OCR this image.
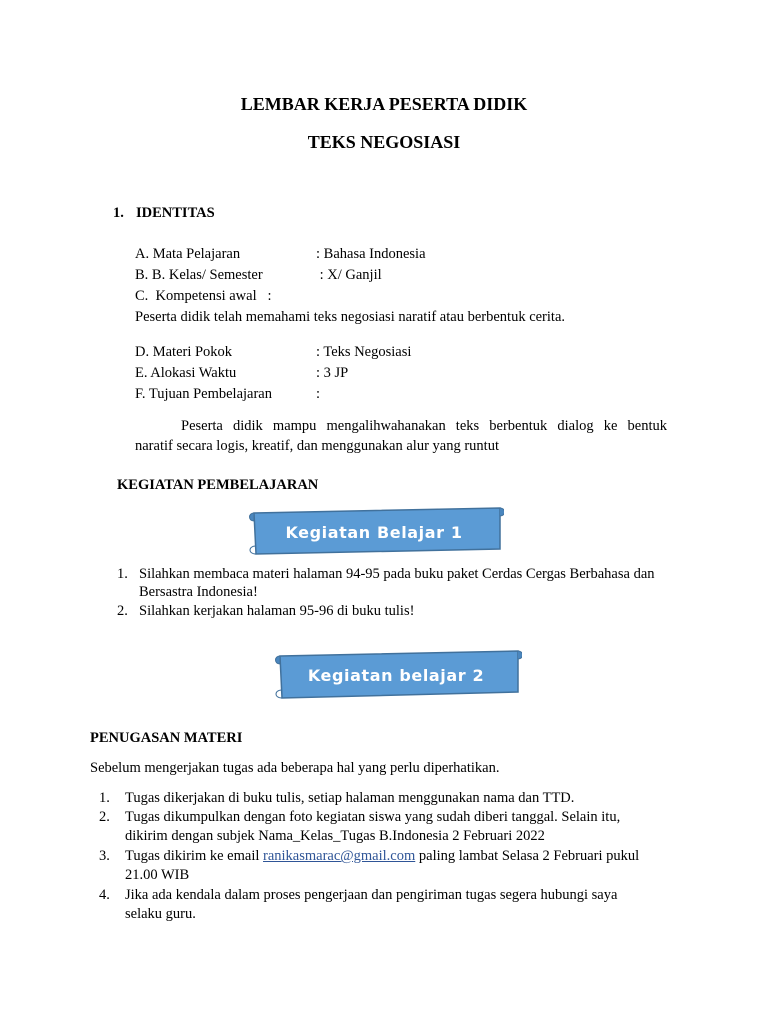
LEMBAR KERJA PESERTA DIDIK
TEKS NEGOSIASI
1. IDENTITAS
A. Mata Pelajaran	: Bahasa Indonesia
B. B. Kelas/ Semester	: X/ Ganjil
C.  Kompetensi awal   :
Peserta didik telah memahami teks negosiasi naratif atau berbentuk cerita.
D. Materi Pokok	: Teks Negosiasi
E. Alokasi Waktu	: 3 JP
F. Tujuan Pembelajaran	:
Peserta didik mampu mengalihwahanakan teks berbentuk dialog ke bentuk
naratif secara logis, kreatif, dan menggunakan alur yang runtut
KEGIATAN PEMBELAJARAN
Kegiatan Belajar 1
1. Silahkan membaca materi halaman 94-95 pada buku paket Cerdas Cergas Berbahasa dan
Bersastra Indonesia!
2. Silahkan kerjakan halaman 95-96 di buku tulis!
Kegiatan belajar 2
PENUGASAN MATERI
Sebelum mengerjakan tugas ada beberapa hal yang perlu diperhatikan.
1. Tugas dikerjakan di buku tulis, setiap halaman menggunakan nama dan TTD.
2. Tugas dikumpulkan dengan foto kegiatan siswa yang sudah diberi tanggal. Selain itu,
dikirim dengan subjek Nama_Kelas_Tugas B.Indonesia 2 Februari 2022
3. Tugas dikirim ke email ranikasmarac@gmail.com paling lambat Selasa 2 Februari pukul
21.00 WIB
4. Jika ada kendala dalam proses pengerjaan dan pengiriman tugas segera hubungi saya
selaku guru.
